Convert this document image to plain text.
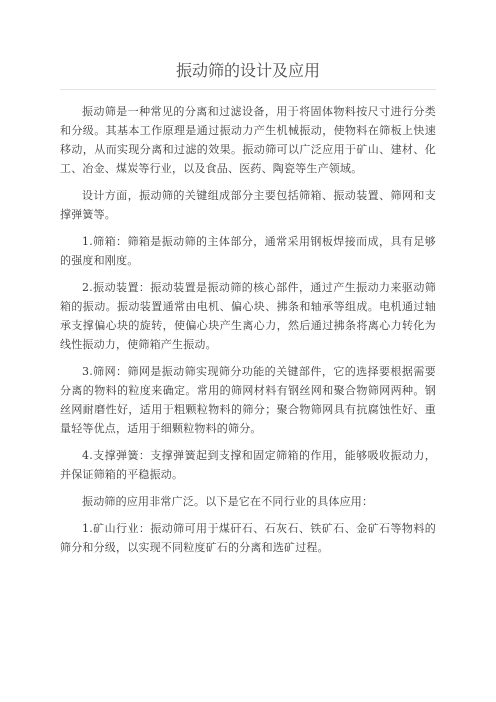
振动筛的设计及应用

振动筛是一种常见的分离和过滤设备，用于将固体物料按尺寸进行分类和分级。其基本工作原理是通过振动力产生机械振动，使物料在筛板上快速移动，从而实现分离和过滤的效果。振动筛可以广泛应用于矿山、建材、化工、冶金、煤炭等行业，以及食品、医药、陶瓷等生产领域。

设计方面，振动筛的关键组成部分主要包括筛箱、振动装置、筛网和支撑弹簧等。

1.筛箱：筛箱是振动筛的主体部分，通常采用钢板焊接而成，具有足够的强度和刚度。

2.振动装置：振动装置是振动筛的核心部件，通过产生振动力来驱动筛箱的振动。振动装置通常由电机、偏心块、拂条和轴承等组成。电机通过轴承支撑偏心块的旋转，使偏心块产生离心力，然后通过拂条将离心力转化为线性振动力，使筛箱产生振动。

3.筛网：筛网是振动筛实现筛分功能的关键部件，它的选择要根据需要分离的物料的粒度来确定。常用的筛网材料有钢丝网和聚合物筛网两种。钢丝网耐磨性好，适用于粗颗粒物料的筛分；聚合物筛网具有抗腐蚀性好、重量轻等优点，适用于细颗粒物料的筛分。

4.支撑弹簧：支撑弹簧起到支撑和固定筛箱的作用，能够吸收振动力，并保证筛箱的平稳振动。

振动筛的应用非常广泛。以下是它在不同行业的具体应用：

1.矿山行业：振动筛可用于煤矸石、石灰石、铁矿石、金矿石等物料的筛分和分级，以实现不同粒度矿石的分离和选矿过程。
